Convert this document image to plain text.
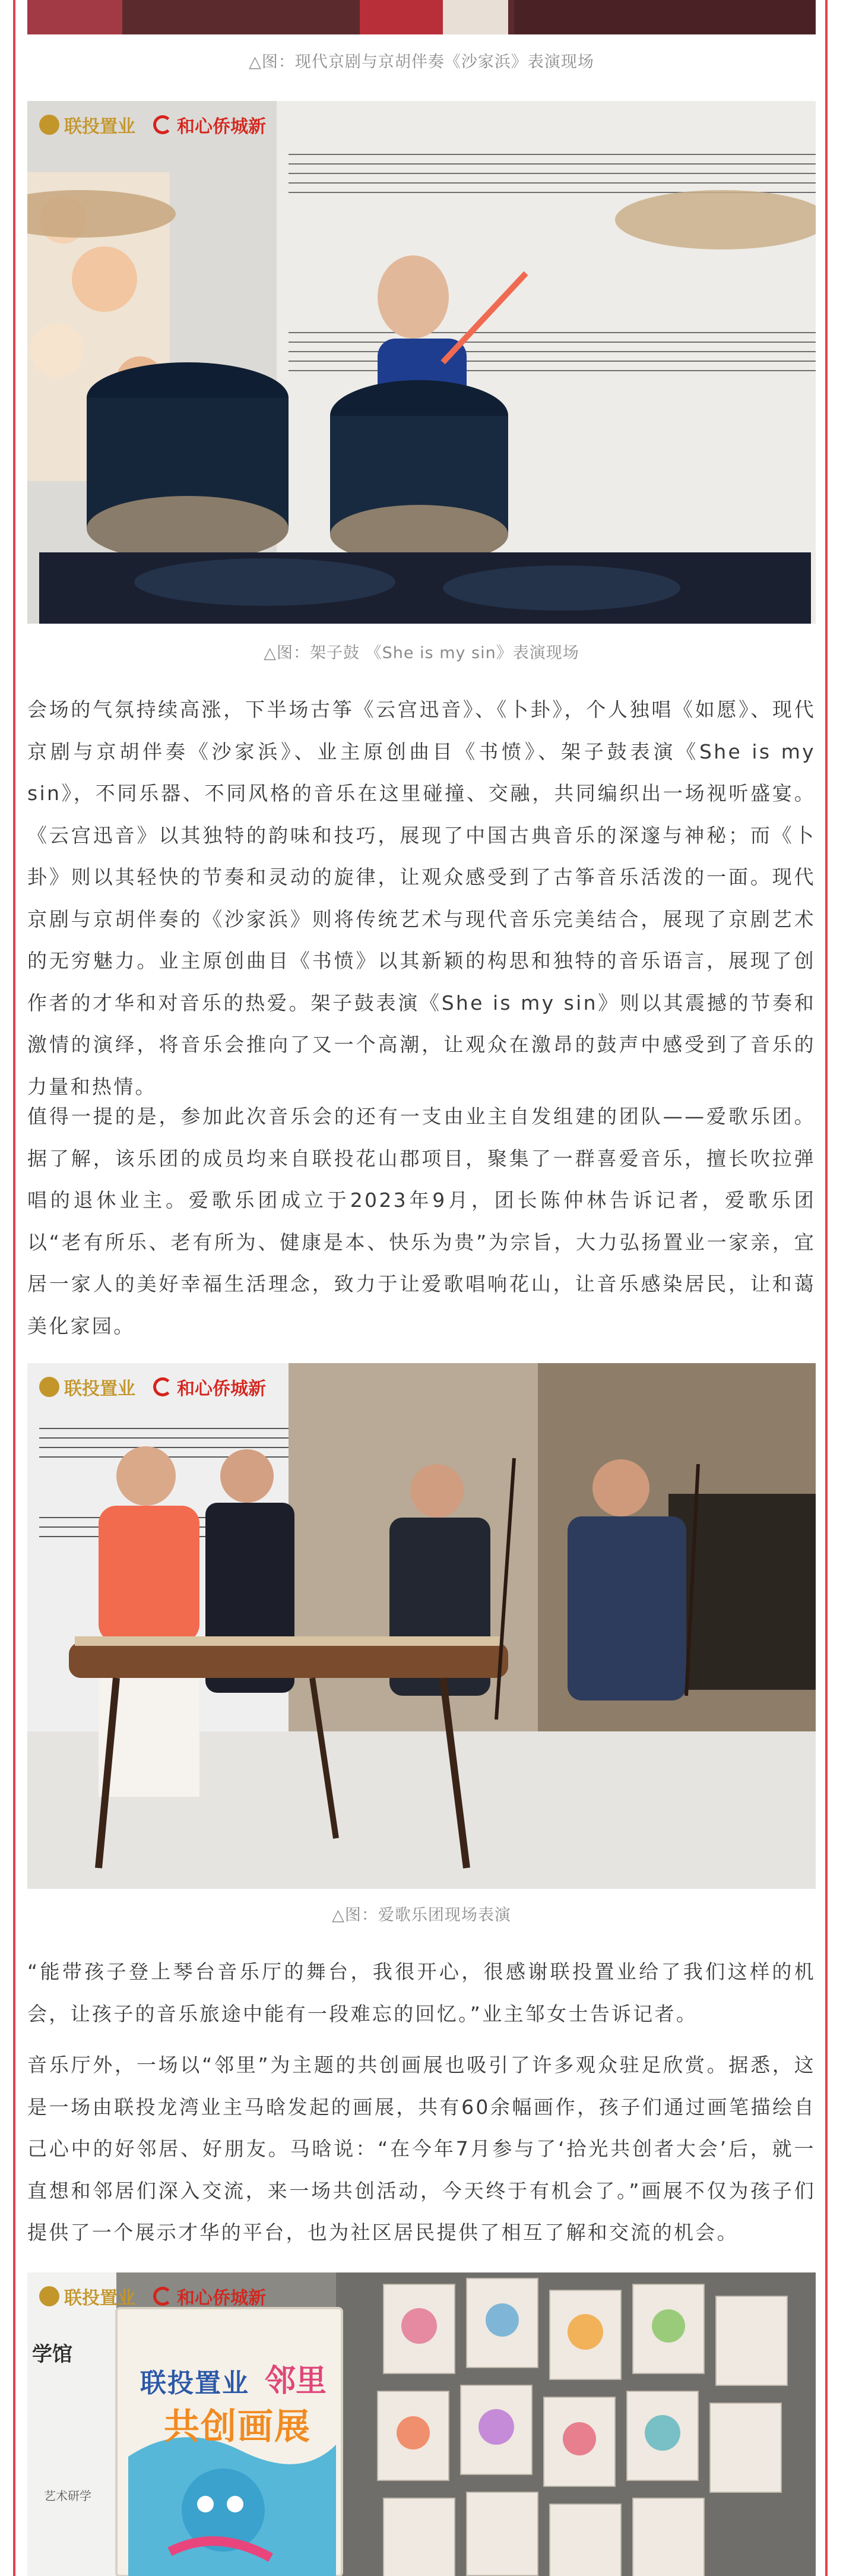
△图：现代京剧与京胡伴奏《沙家浜》表演现场
联投置业 和心侨城新
△图：架子鼓 《She is my sin》表演现场

会场的气氛持续高涨，下半场古筝《云宫迅音》、《卜卦》，个人独唱《如愿》、现代京剧与京胡伴奏《沙家浜》、业主原创曲目《书愤》、架子鼓表演《She is my sin》，不同乐器、不同风格的音乐在这里碰撞、交融，共同编织出一场视听盛宴。《云宫迅音》以其独特的韵味和技巧，展现了中国古典音乐的深邃与神秘；而《卜卦》则以其轻快的节奏和灵动的旋律，让观众感受到了古筝音乐活泼的一面。现代京剧与京胡伴奏的《沙家浜》则将传统艺术与现代音乐完美结合，展现了京剧艺术的无穷魅力。业主原创曲目《书愤》以其新颖的构思和独特的音乐语言，展现了创作者的才华和对音乐的热爱。架子鼓表演《She is my sin》则以其震撼的节奏和激情的演绎，将音乐会推向了又一个高潮，让观众在激昂的鼓声中感受到了音乐的力量和热情。

值得一提的是，参加此次音乐会的还有一支由业主自发组建的团队——爱歌乐团。据了解，该乐团的成员均来自联投花山郡项目，聚集了一群喜爱音乐，擅长吹拉弹唱的退休业主。爱歌乐团成立于2023年9月，团长陈仲林告诉记者，爱歌乐团以“老有所乐、老有所为、健康是本、快乐为贵”为宗旨，大力弘扬置业一家亲，宜居一家人的美好幸福生活理念，致力于让爱歌唱响花山，让音乐感染居民，让和蔼美化家园。

联投置业 和心侨城新
△图：爱歌乐团现场表演

“能带孩子登上琴台音乐厅的舞台，我很开心，很感谢联投置业给了我们这样的机会，让孩子的音乐旅途中能有一段难忘的回忆。”业主邹女士告诉记者。

音乐厅外，一场以“邻里”为主题的共创画展也吸引了许多观众驻足欣赏。据悉，这是一场由联投龙湾业主马晗发起的画展，共有60余幅画作，孩子们通过画笔描绘自己心中的好邻居、好朋友。马晗说：“在今年7月参与了‘拾光共创者大会’后，就一直想和邻居们深入交流，来一场共创活动，今天终于有机会了。”画展不仅为孩子们提供了一个展示才华的平台，也为社区居民提供了相互了解和交流的机会。

学馆
艺术研学
联投置业 邻里
共创画展
联投置业 和心侨城新
